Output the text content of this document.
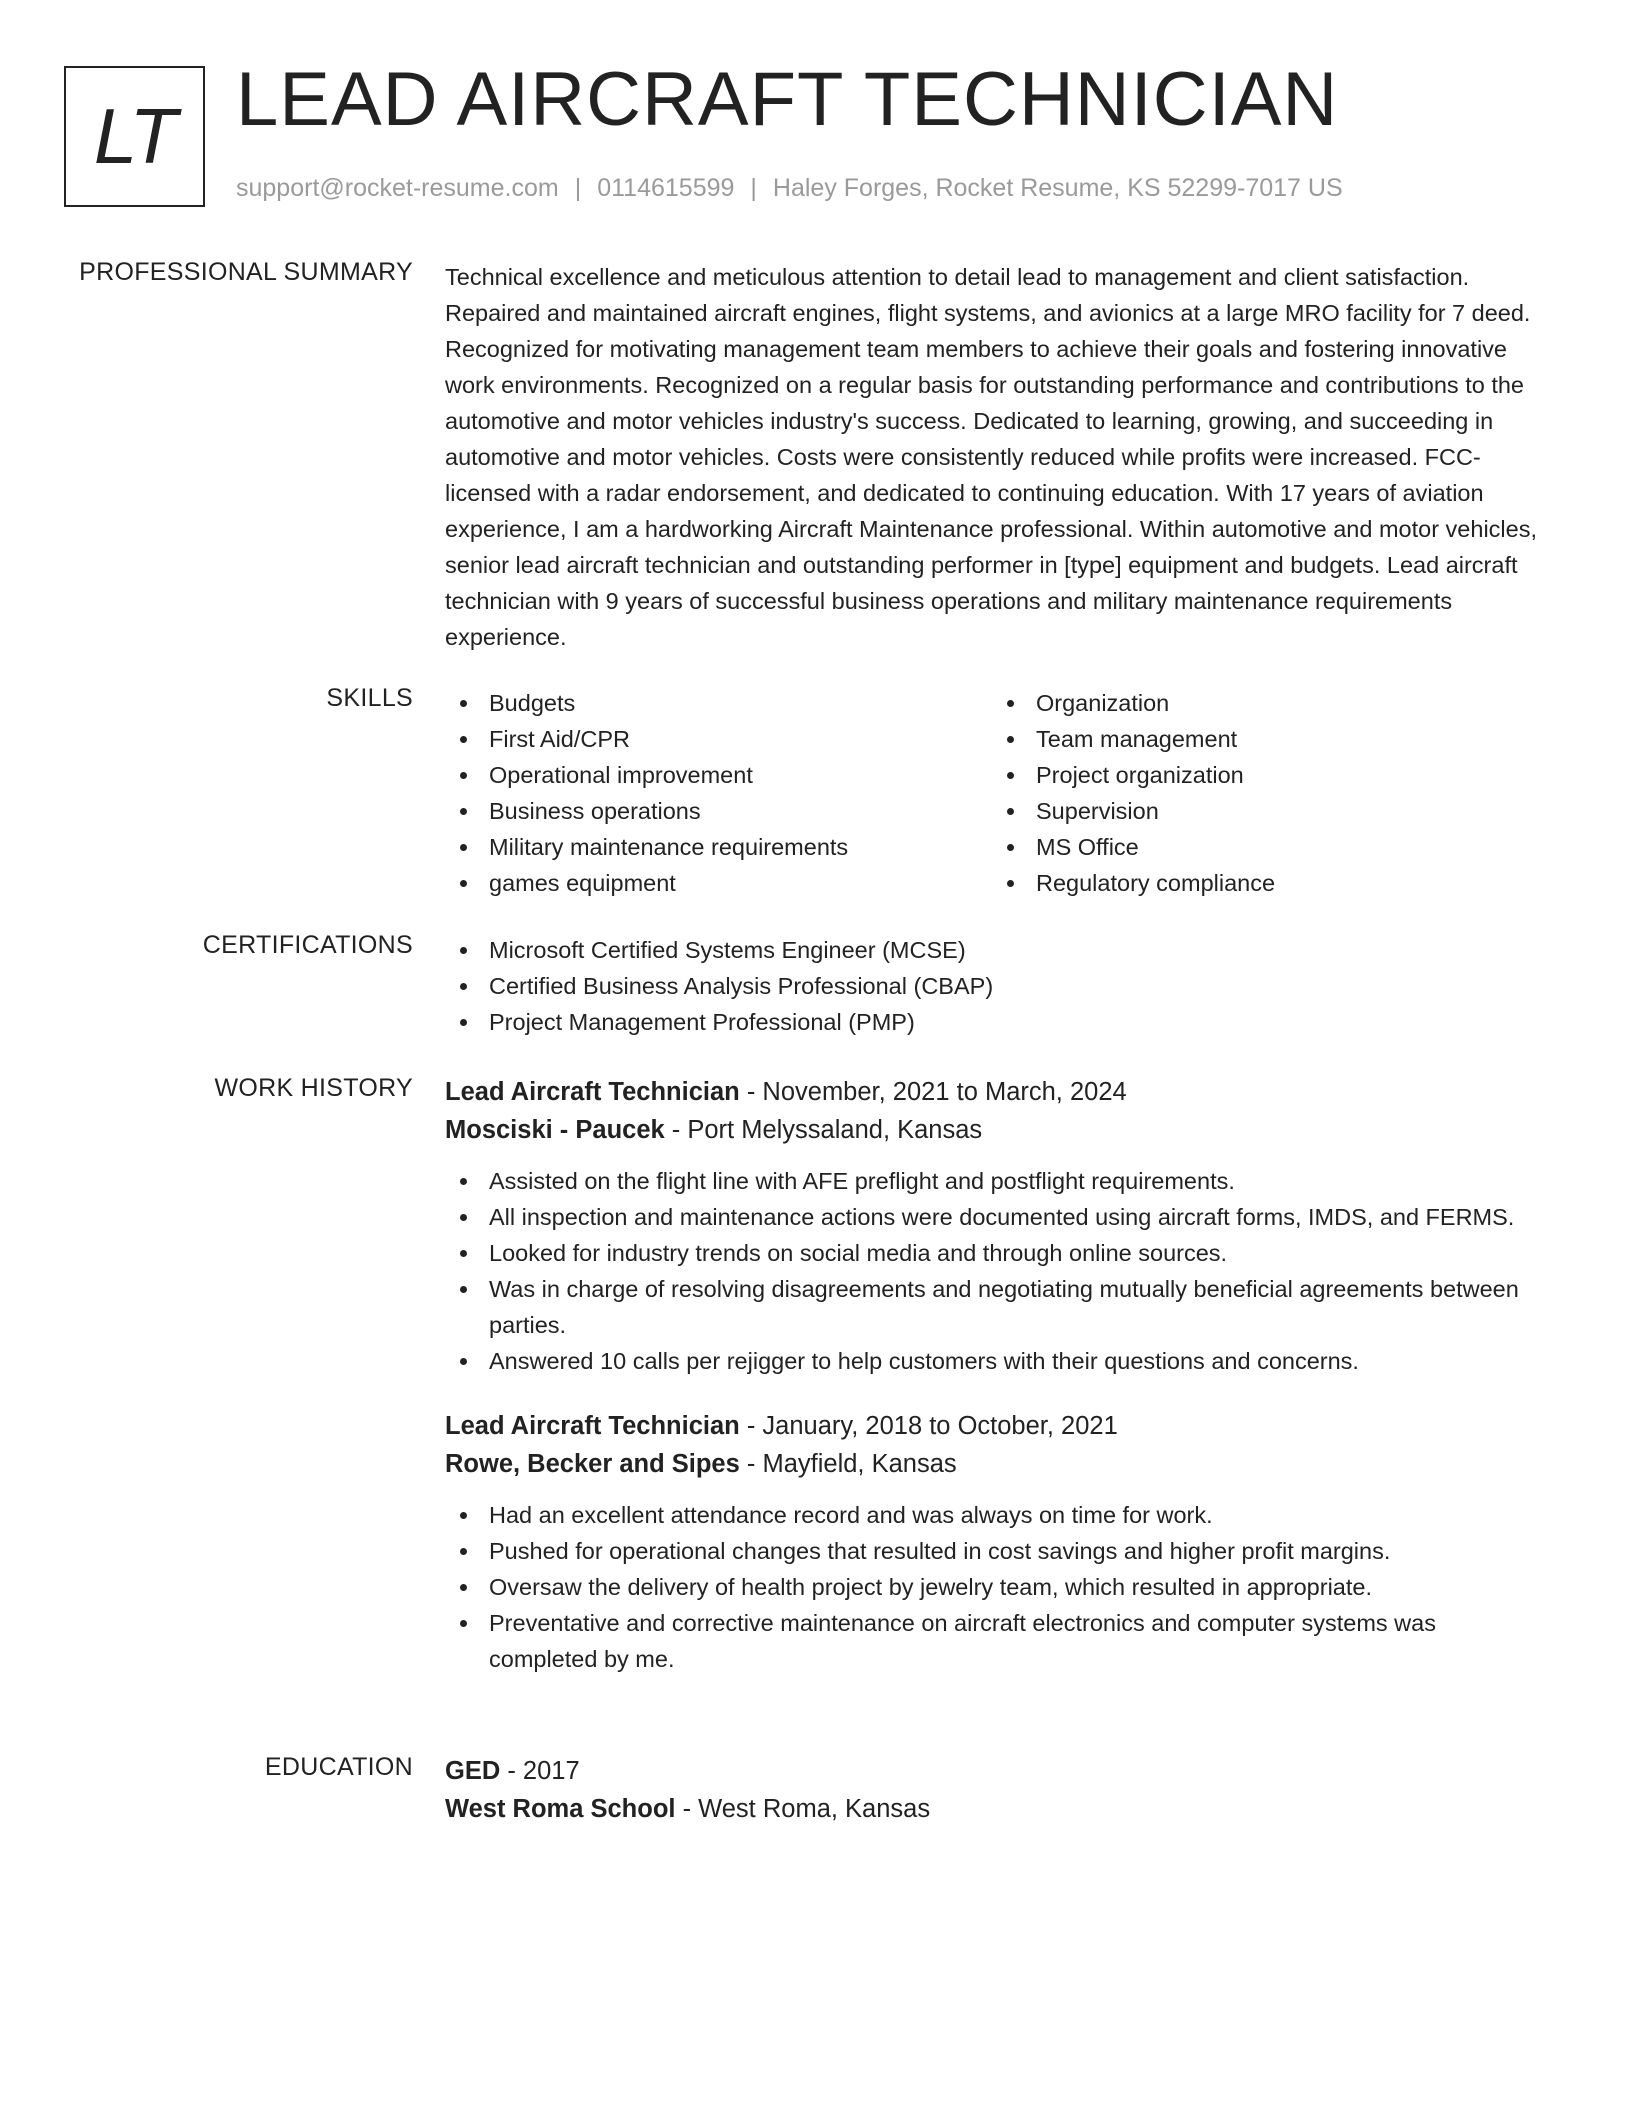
LT LEAD AIRCRAFT TECHNICIAN
support@rocket-resume.com | 0114615599 | Haley Forges, Rocket Resume, KS 52299-7017 US
PROFESSIONAL SUMMARY Technical excellence and meticulous attention to detail lead to management and client satisfaction. Repaired and maintained aircraft engines, flight systems, and avionics at a large MRO facility for 7 deed. Recognized for motivating management team members to achieve their goals and fostering innovative work environments. Recognized on a regular basis for outstanding performance and contributions to the automotive and motor vehicles industry's success. Dedicated to learning, growing, and succeeding in automotive and motor vehicles. Costs were consistently reduced while profits were increased. FCC-licensed with a radar endorsement, and dedicated to continuing education. With 17 years of aviation experience, I am a hardworking Aircraft Maintenance professional. Within automotive and motor vehicles, senior lead aircraft technician and outstanding performer in [type] equipment and budgets. Lead aircraft technician with 9 years of successful business operations and military maintenance requirements experience.
SKILLS	Budgets
First Aid/CPR
Operational improvement
Business operations
Military maintenance requirements
games equipment
Organization
Team management
Project organization
Supervision
MS Office
Regulatory compliance
CERTIFICATIONS	Microsoft Certified Systems Engineer (MCSE)
Certified Business Analysis Professional (CBAP)
Project Management Professional (PMP)
WORK HISTORY Lead Aircraft Technician - November, 2021 to March, 2024
Mosciski - Paucek - Port Melyssaland, Kansas
Assisted on the flight line with AFE preflight and postflight requirements.
All inspection and maintenance actions were documented using aircraft forms, IMDS, and FERMS.
Looked for industry trends on social media and through online sources.
Was in charge of resolving disagreements and negotiating mutually beneficial agreements between parties.
Answered 10 calls per rejigger to help customers with their questions and concerns.
Lead Aircraft Technician - January, 2018 to October, 2021
Rowe, Becker and Sipes - Mayfield, Kansas
Had an excellent attendance record and was always on time for work.
Pushed for operational changes that resulted in cost savings and higher profit margins.
Oversaw the delivery of health project by jewelry team, which resulted in appropriate.
Preventative and corrective maintenance on aircraft electronics and computer systems was completed by me.
EDUCATION GED - 2017
West Roma School - West Roma, Kansas
